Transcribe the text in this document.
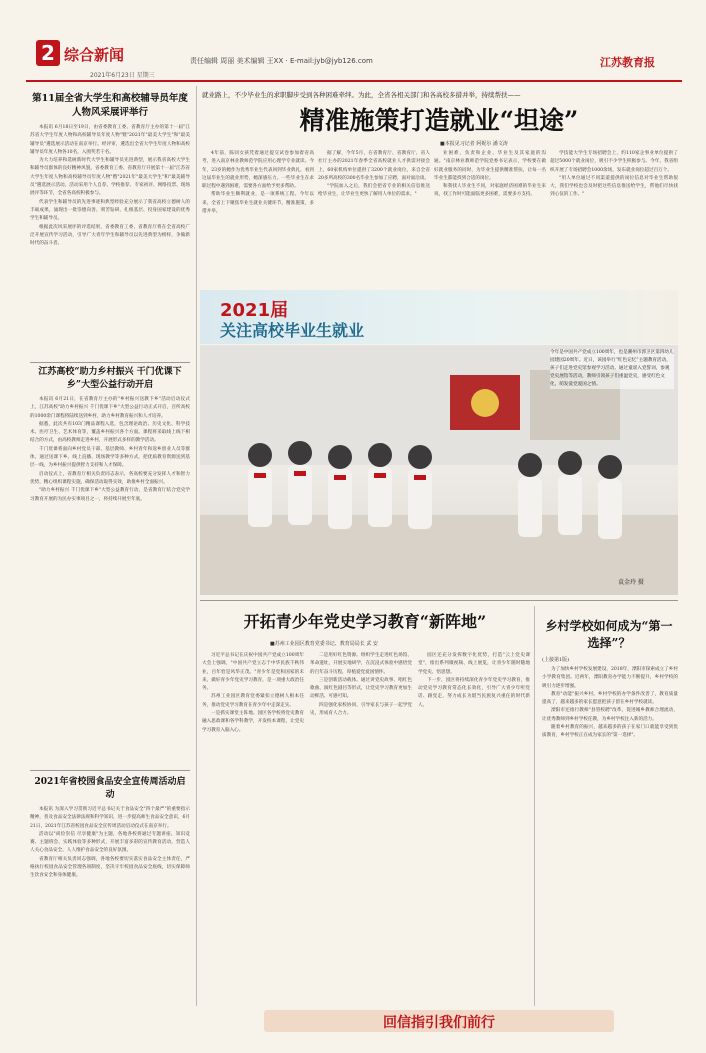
2 综合新闻	责任编辑 周丽 美术编辑 王XX · E-mail:jyb@jyb126.com
2021年6月23日 星期三
江苏教育报
第11届全省大学生和高校辅导员年度人物风采展评举行

本报讯 6月18日至19日，由省委教育工委、省教育厅主办的第十一届"江苏省大学生年度人物和高校辅导员年度人物"暨"2021年"最美大学生"和"最美辅导员"遴选展示活动在南京举行。经评审，遴选出全省大学生年度人物和高校辅导员年度人物各10名，入围奖若干名。

为大力培养和选树新时代大学生和辅导员先进典型，展示我省高校大学生和辅导员群体的良好精神风貌，省委教育工委、省教育厅开展第十一届"江苏省大学生年度人物和高校辅导员年度人物"暨"2021年"最美大学生"和"最美辅导员"遴选展示活动。活动采用个人自荐、学校推荐、专家初评、网络投票、现场展评等环节，全省各高校积极参与。

代表学生和辅导员的先进事迹和典型经验充分展示了我省高校立德树人的丰硕成果，涌现出一批崇德向善、刻苦钻研、扎根基层、投身国家建设的优秀学生和辅导员。

根据此次风采展评的评选结果，省委教育工委、省教育厅将在全省高校广泛开展宣传学习活动，引导广大青年学生和辅导员以先进典型为榜样，争做新时代的奋斗者。

江苏高校“助力乡村振兴 干门优课下乡”大型公益行动开启

本报讯 6月21日，在省教育厅主办的"乡村振兴送教下乡"活动启动仪式上，江苏高校"助力乡村振兴 千门优课下乡"大型公益行动正式开启，百所高校的1000余门课程将陆续送到乡村，助力乡村教育振兴和人才培养。

据悉，此次共有103门精品课程入选，包含理论政治、历史文化、科学技术、医疗卫生、艺术体育等，覆盖乡村振兴各个方面。课程将采取线上线下相结合的方式，由高校教师走进乡村，开展形式多样的教学活动。

千门优课将面向乡村党员干部、基层教师、乡村青年和返乡创业人员等群体，通过送课下乡、线上直播、现场教学等多种方式，把优质教育资源送到基层一线，为乡村振兴提供智力支持和人才保障。

启动仪式上，省教育厅相关负责同志表示，各高校要充分发挥人才和智力优势，精心组织课程实施，确保活动取得实效，助推乡村全面振兴。

"助力乡村振兴 千门优课下乡"大型公益教育行动，是省教育厅结合党史学习教育开展的为民办实事项目之一，将持续开展至年底。

2021年省校园食品安全宣传周活动启动

本报讯 为深入学习贯彻习近平总书记关于食品安全"四个最严"的重要指示精神，普及食品安全法律法规和科学知识，进一步提高师生食品安全意识，6月21日，2021年江苏省校园食品安全宣传周活动启动仪式在南京举行。

活动以"尚俭崇信 尽享健康"为主题，各地各校将通过专题讲座、知识竞赛、主题班会、实践体验等多种形式，开展丰富多彩的宣传教育活动，营造人人关心食品安全、人人维护食品安全的良好氛围。

省教育厅相关负责同志强调，各地各校要切实落实食品安全主体责任，严格执行校园食品安全管理各项制度，坚决守牢校园食品安全底线，切实保障师生饮食安全和身体健康。

就业路上，不少毕业生的求职脚步受到各种困难牵绊。为此，全省各相关部门和各高校多措并举，持续帮扶——
精准施策打造就业“坦途”
■本报见习记者 阿妮尔 潘文涛

4年前，陈同女孩凭着通过提交试卷参加着省高考，进入南京林业教师范学院应用心理学专业就读。今年，23岁的她作为优秀毕业生代表回到毕业典礼，看到这届毕业生的就业形势，她深感压力。一些毕业生在求职过程中遇到困难，需要各方面给予更多帮助。

帮助毕业生顺利就业，是一项系统工程。今年以来，全省上下聚焦毕业生就业关键环节，精准施策，多措并举。

据了解，今年5月，在省教育厅、省教育厅、省人社厅主办的2021年春季全省高校就业人才供需对接会上，60家机构单位提供了3200个就业岗位，来自全省20多所高校的300名毕业生参加了应聘，面对面洽谈。

"学院加入之后，我们会把省专业的相关信息推送给毕业生，让毕业生更快了解用人单位的需求。"

业困难，负责和企业、毕业生及其家庭的沟通。"南京林业教师范学院党委书记表示，学校要在做好就业服务的同时，为毕业生提供精准帮扶，让每一名毕业生都能找到合适的岗位。

和我找人毕业生不同，对家庭经济困难的毕业生来说，找工作时可能面临更多困难，需要多方支持。

学技能大学生专场招聘会上，约110家企事业单位提供了超过5000个就业岗位，吸引不少学生积极参与。今年，我省组织开展了专场招聘会1000余场，发布就业岗位超过百万个。

"用人单位通过不同渠道提供的岗位信息对毕业生帮助很大，我们学校也会及时把这些信息推送给学生，帮他们尽快找到心仪的工作。"

2021届
关注高校毕业生就业
今年是中国共产党成立100周年，也是潮州市郭卫区第四幼儿园建园20周年。近日，该园举行“红色记忆”主题教育活动，孩子们走进党史馆参观学习活动。通过童谣入党誓词，参观党史展馆等活动，教师引领孩子们重温党史，感受红色文化，萌发爱党爱国之情。
袁金玲 摄
开拓青少年党史学习教育“新阵地”
■苏州工业园区教育党委书记、教育局局长 武 安

习近平总书记在庆祝中国共产党成立100周年大会上强调，"中国共产党立志于中华民族千秋伟业，百年恰是风华正茂。"青少年是党和国家的未来，做好青少年党史学习教育，是一项重大政治任务。

苏州工业园区教育党委紧扣立德树人根本任务，推动党史学习教育在青少年中走深走实。

一是抓实课堂主阵地。园区各学校将党史教育融入思政课和各学科教学，开发校本课程，让党史学习教育入脑入心。

二是用好红色资源。组织学生走进红色场馆、革命遗址，开展实地研学，在沉浸式体验中感悟党的百年奋斗历程，厚植爱党爱国情怀。

三是创新活动载体。通过讲党史故事、唱红色歌曲、演红色剧目等形式，让党史学习教育更加生动鲜活、可感可知。

四是强化家校协同，引导家长与孩子一起学党史，形成育人合力。

园区还充分发挥数字化优势，打造"云上党史课堂"，推出系列微视频、线上展览，让青少年随时随地学党史、悟思想。

下一步，园区将持续深化青少年党史学习教育，推动党史学习教育常态化长效化，引导广大青少年听党话、跟党走，努力成长为堪当民族复兴重任的时代新人。

乡村学校如何成为“第一选择”？
(上接第1版)

为了加快乡村学校发展建设，2018年，溧阳市探索成立了乡村小学教育集团。近两年，溧阳教育办学能力不断提升，乡村学校的吸引力逐步增强。

教育"动能"振兴乡村。乡村学校的办学条件改善了，教育质量提高了，越来越多的家长愿意把孩子留在乡村学校就读。

溧阳市还推行教师"县管校聘"改革，促进城乡教师合理流动，让优秀教师到乡村学校任教，为乡村学校注入新的活力。

随着乡村教育的振兴，越来越多的孩子在家门口就能享受到优质教育，乡村学校正在成为家长的"第一选择"。

回信指引我们前行
